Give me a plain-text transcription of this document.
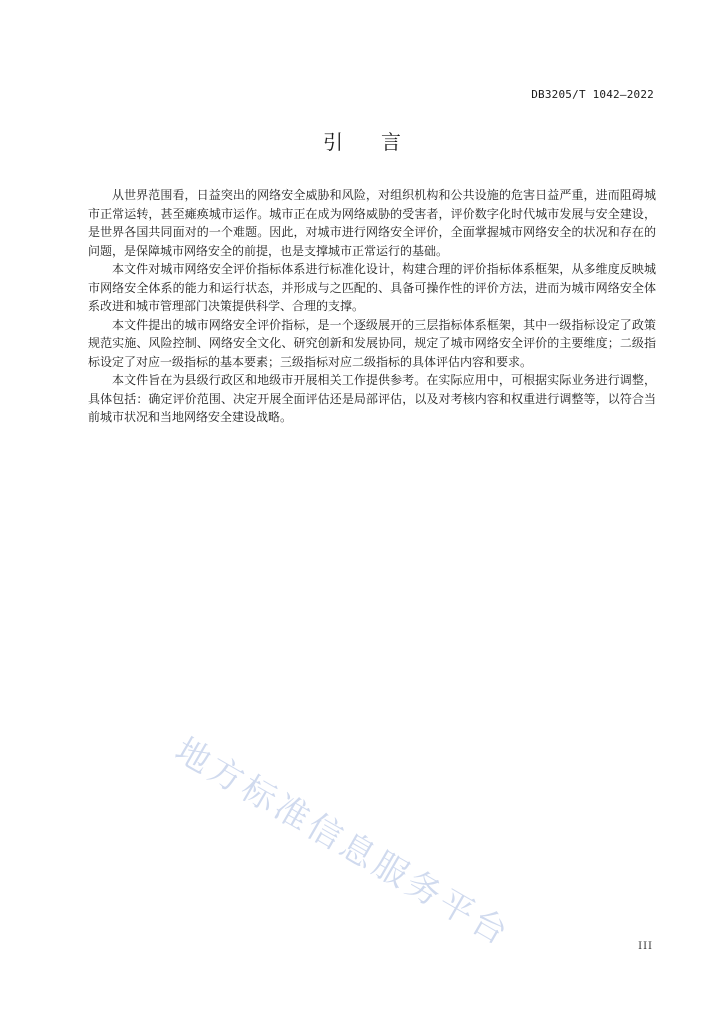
DB3205/T 1042—2022
引 言

从世界范围看，日益突出的网络安全威胁和风险，对组织机构和公共设施的危害日益严重，进而阻碍城市正常运转，甚至瘫痪城市运作。城市正在成为网络威胁的受害者，评价数字化时代城市发展与安全建设，是世界各国共同面对的一个难题。因此，对城市进行网络安全评价，全面掌握城市网络安全的状况和存在的问题，是保障城市网络安全的前提，也是支撑城市正常运行的基础。

本文件对城市网络安全评价指标体系进行标准化设计，构建合理的评价指标体系框架，从多维度反映城市网络安全体系的能力和运行状态，并形成与之匹配的、具备可操作性的评价方法，进而为城市网络安全体系改进和城市管理部门决策提供科学、合理的支撑。

本文件提出的城市网络安全评价指标，是一个逐级展开的三层指标体系框架，其中一级指标设定了政策规范实施、风险控制、网络安全文化、研究创新和发展协同，规定了城市网络安全评价的主要维度；二级指标设定了对应一级指标的基本要素；三级指标对应二级指标的具体评估内容和要求。

本文件旨在为县级行政区和地级市开展相关工作提供参考。在实际应用中，可根据实际业务进行调整，具体包括：确定评价范围、决定开展全面评估还是局部评估，以及对考核内容和权重进行调整等，以符合当前城市状况和当地网络安全建设战略。

地方标准信息服务平台	III
